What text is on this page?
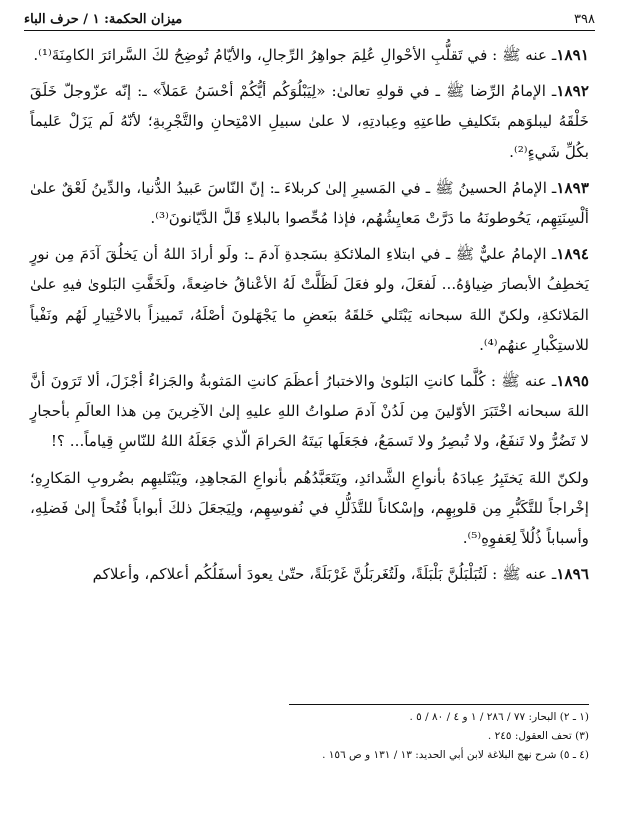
٣٩٨
ميزان الحكمة: ١ / حرف الباء

١٨٩١ـ عنه ﷺ : في تَقلُّبِ الأحْوالِ عُلِمَ جواهِرُ الرِّجالِ، والأيّامُ تُوضِحُ لكَ السَّرائرَ الكامِنَةَ⁽¹⁾.

١٨٩٢ـ الإمامُ الرِّضا ﷺ ـ في قولهِ تعالىٰ: «لِيَبْلُوَكُم أيُّكُمْ أحْسَنُ عَمَلاً» ـ: إنّه عزّوجلّ خَلَقَ خَلْقَهُ ليبلوَهم بتَكليفِ طاعتِهِ وعِبادتِهِ، لا علىٰ سبيلِ الامْتِحانِ والتَّجْرِبةِ؛ لأنّهُ لَم يَزَلْ عَليماً بكُلِّ شَيءٍ⁽²⁾.

١٨٩٣ـ الإمامُ الحسينُ ﷺ ـ في المَسيرِ إلىٰ كربلاءَ ـ: إنّ النّاسَ عَبيدُ الدُّنيا، والدِّينُ لَعْقٌ علىٰ ألْسِنَتِهِم، يَحُوطونَهُ ما دَرَّتْ مَعايِشُهُم، فإذا مُحِّصوا بالبلاءِ قَلَّ الدَّيّانونَ⁽³⁾.

١٨٩٤ـ الإمامُ عليٌّ ﷺ ـ في ابتلاءِ الملائكةِ بسَجدةِ آدمَ ـ: ولَو أرادَ اللهُ أن يَخلُقَ آدَمَ مِن نورٍ يَخطِفُ الأبصارَ ضِياؤهُ... لَفعَلَ، ولو فعَلَ لَظَلَّتْ لَهُ الأعْناقُ خاضِعةً، ولَخَفَّتِ البَلوىٰ فيهِ علىٰ المَلائكةِ، ولكنّ اللهَ سبحانه يَبْتَلي خَلقَهُ ببَعضِ ما يَجْهَلونَ أصْلَهُ، تَمييزاً بالاخْتِيارِ لَهُم ونَفْياً للاستِكْبارِ عنهُم⁽⁴⁾.

١٨٩٥ـ عنه ﷺ : كُلَّما كانتِ البَلوىٰ والاختبارُ أعظَمَ كانتِ المَثوبةُ والجَزاءُ أجْزَلَ، ألا تَرَونَ أنَّ اللهَ سبحانه اخْتَبَرَ الأوّلينَ مِن لَدُنْ آدمَ صلواتُ اللهِ عليهِ إلىٰ الآخِرينَ مِن هذا العالَمِ بأحجارٍ لا تَضُرُّ ولا تَنفَعُ، ولا تُبصِرُ ولا تَسمَعُ، فجَعَلَها بَيتَهُ الحَرامَ الّذي جَعَلَهُ اللهُ للنّاسِ قِياماً... ؟!

ولكنّ اللهَ يَختَبِرُ عِبادَهُ بأنواعِ الشَّدائدِ، ويَتَعَبَّدُهُم بأنواعِ المَجاهِدِ، ويَبْتَليهِم بضُروبِ المَكارِهِ؛ إخْراجاً للتَّكَبُّرِ مِن قلوبِهِم، وإسْكاناً للتَّذَلُّلِ في نُفوسِهِم، ولِيَجعَلَ ذلكَ أبواباً فُتُحاً إلىٰ فَضلِهِ، وأسباباً ذُلُلاً لِعَفوِهِ⁽⁵⁾.

١٨٩٦ـ عنه ﷺ : لَتُبَلْبَلُنَّ بَلْبَلَةً، ولَتُغَربَلُنَّ غَرْبَلَةً، حتّىٰ يعودَ أسفَلُكُم أعلاكم، وأعلاكم

(١ ـ ٢) البحار: ٧٧ / ٢٨٦ / ١ و ٤ / ٨٠ / ٥ .
(٣) تحف العقول: ٢٤٥ .
(٤ ـ ٥) شرح نهج البلاغة لابن أبي الحديد: ١٣ / ١٣١ و ص ١٥٦ .
